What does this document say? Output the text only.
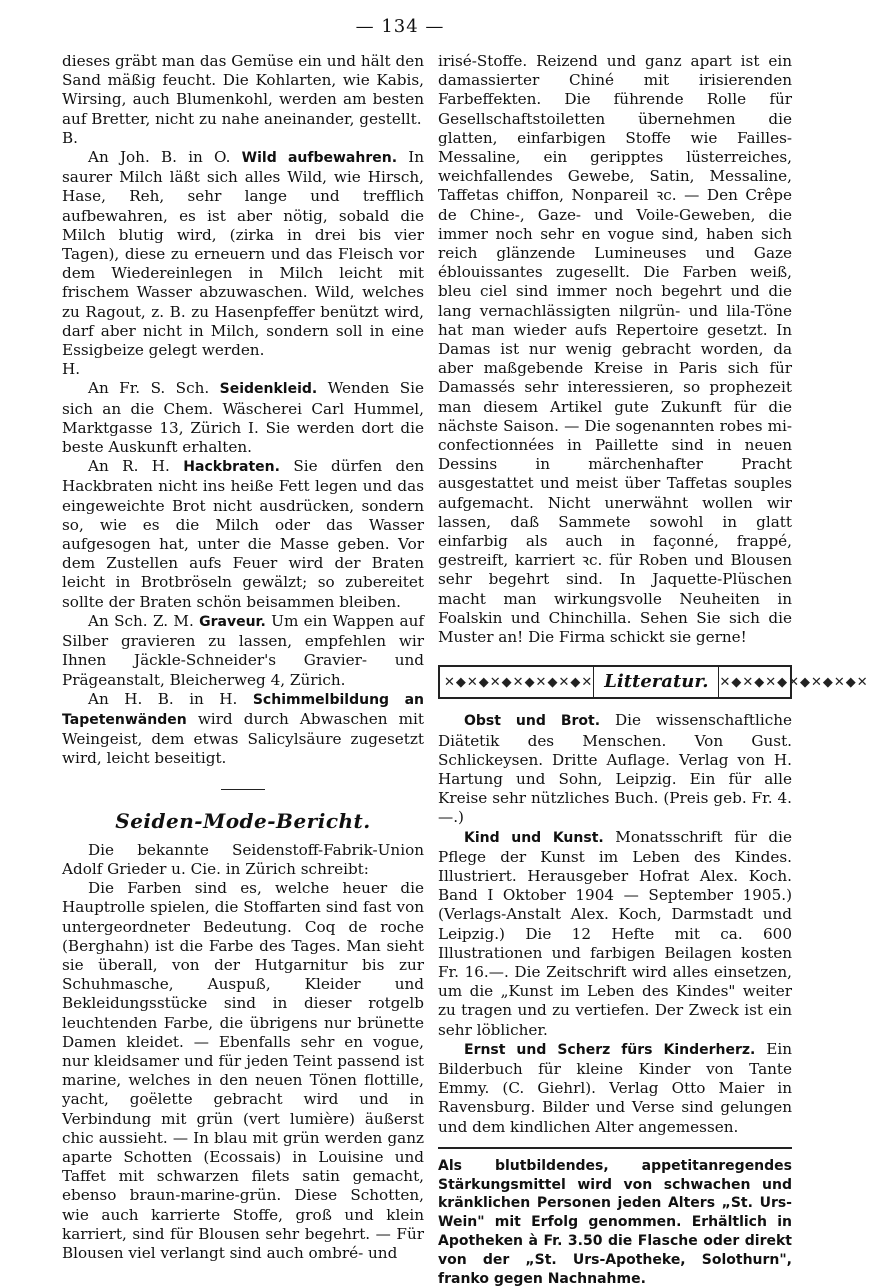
— 134 —

dieses gräbt man das Gemüse ein und hält den Sand mäßig feucht. Die Kohlarten, wie Kabis, Wirsing, auch Blumenkohl, werden am besten auf Bretter, nicht zu nahe aneinander, gestellt.

B.

An Joh. B. in O. Wild aufbewahren. In saurer Milch läßt sich alles Wild, wie Hirsch, Hase, Reh, sehr lange und trefflich aufbewahren, es ist aber nötig, sobald die Milch blutig wird, (zirka in drei bis vier Tagen), diese zu erneuern und das Fleisch vor dem Wiedereinlegen in Milch leicht mit frischem Wasser abzuwaschen. Wild, welches zu Ragout, z. B. zu Hasenpfeffer benützt wird, darf aber nicht in Milch, sondern soll in eine Essigbeize gelegt werden.

H.

An Fr. S. Sch. Seidenkleid. Wenden Sie sich an die Chem. Wäscherei Carl Hummel, Marktgasse 13, Zürich I. Sie werden dort die beste Auskunft erhalten.

An R. H. Hackbraten. Sie dürfen den Hackbraten nicht ins heiße Fett legen und das eingeweichte Brot nicht ausdrücken, sondern so, wie es die Milch oder das Wasser aufgesogen hat, unter die Masse geben. Vor dem Zustellen aufs Feuer wird der Braten leicht in Brotbröseln gewälzt; so zubereitet sollte der Braten schön beisammen bleiben.

An Sch. Z. M. Graveur. Um ein Wappen auf Silber gravieren zu lassen, empfehlen wir Ihnen Jäckle-Schneider's Gravier- und Prägeanstalt, Bleicherweg 4, Zürich.

An H. B. in H. Schimmelbildung an Tapetenwänden wird durch Abwaschen mit Weingeist, dem etwas Salicylsäure zugesetzt wird, leicht beseitigt.

Seiden-Mode-Bericht.

Die bekannte Seidenstoff-Fabrik-Union Adolf Grieder u. Cie. in Zürich schreibt:

Die Farben sind es, welche heuer die Hauptrolle spielen, die Stoffarten sind fast von untergeordneter Bedeutung. Coq de roche (Berghahn) ist die Farbe des Tages. Man sieht sie überall, von der Hutgarnitur bis zur Schuhmasche, Auspuß, Kleider und Bekleidungsstücke sind in dieser rotgelb leuchtenden Farbe, die übrigens nur brünette Damen kleidet. — Ebenfalls sehr en vogue, nur kleidsamer und für jeden Teint passend ist marine, welches in den neuen Tönen flottille, yacht, goëlette gebracht wird und in Verbindung mit grün (vert lumière) äußerst chic aussieht. — In blau mit grün werden ganz aparte Schotten (Ecossais) in Louisine und Taffet mit schwarzen filets satin gemacht, ebenso braun-marine-grün. Diese Schotten, wie auch karrierte Stoffe, groß und klein karriert, sind für Blousen sehr begehrt. — Für Blousen viel verlangt sind auch ombré- und

irisé-Stoffe. Reizend und ganz apart ist ein damassierter Chiné mit irisierenden Farbeffekten. Die führende Rolle für Gesellschaftstoiletten übernehmen die glatten, einfarbigen Stoffe wie Failles-Messaline, ein geripptes lüsterreiches, weichfallendes Gewebe, Satin, Messaline, Taffetas chiffon, Nonpareil ꝛc. — Den Crêpe de Chine-, Gaze- und Voile-Geweben, die immer noch sehr en vogue sind, haben sich reich glänzende Lumineuses und Gaze éblouissantes zugesellt. Die Farben weiß, bleu ciel sind immer noch begehrt und die lang vernachlässigten nilgrün- und lila-Töne hat man wieder aufs Repertoire gesetzt. In Damas ist nur wenig gebracht worden, da aber maßgebende Kreise in Paris sich für Damassés sehr interessieren, so prophezeit man diesem Artikel gute Zukunft für die nächste Saison. — Die sogenannten robes mi-confectionnées in Paillette sind in neuen Dessins in märchenhafter Pracht ausgestattet und meist über Taffetas souples aufgemacht. Nicht unerwähnt wollen wir lassen, daß Sammete sowohl in glatt einfarbig als auch in façonné, frappé, gestreift, karriert ꝛc. für Roben und Blousen sehr begehrt sind. In Jaquette-Plüschen macht man wirkungsvolle Neuheiten in Foalskin und Chinchilla. Sehen Sie sich die Muster an! Die Firma schickt sie gerne!

✕◆✕◆✕◆✕◆✕◆✕◆✕ Litteratur. ✕◆✕◆✕◆✕◆✕◆✕◆✕

Obst und Brot. Die wissenschaftliche Diätetik des Menschen. Von Gust. Schlickeysen. Dritte Auflage. Verlag von H. Hartung und Sohn, Leipzig. Ein für alle Kreise sehr nützliches Buch. (Preis geb. Fr. 4.—.)

Kind und Kunst. Monatsschrift für die Pflege der Kunst im Leben des Kindes. Illustriert. Herausgeber Hofrat Alex. Koch. Band I Oktober 1904 — September 1905.) (Verlags-Anstalt Alex. Koch, Darmstadt und Leipzig.) Die 12 Hefte mit ca. 600 Illustrationen und farbigen Beilagen kosten Fr. 16.—. Die Zeitschrift wird alles einsetzen, um die „Kunst im Leben des Kindes" weiter zu tragen und zu vertiefen. Der Zweck ist ein sehr löblicher.

Ernst und Scherz fürs Kinderherz. Ein Bilderbuch für kleine Kinder von Tante Emmy. (C. Giehrl). Verlag Otto Maier in Ravensburg. Bilder und Verse sind gelungen und dem kindlichen Alter angemessen.

Als blutbildendes, appetitanregendes Stärkungsmittel wird von schwachen und kränklichen Personen jeden Alters „St. Urs-Wein" mit Erfolg genommen. Erhältlich in Apotheken à Fr. 3.50 die Flasche oder direkt von der „St. Urs-Apotheke, Solothurn", franko gegen Nachnahme.
